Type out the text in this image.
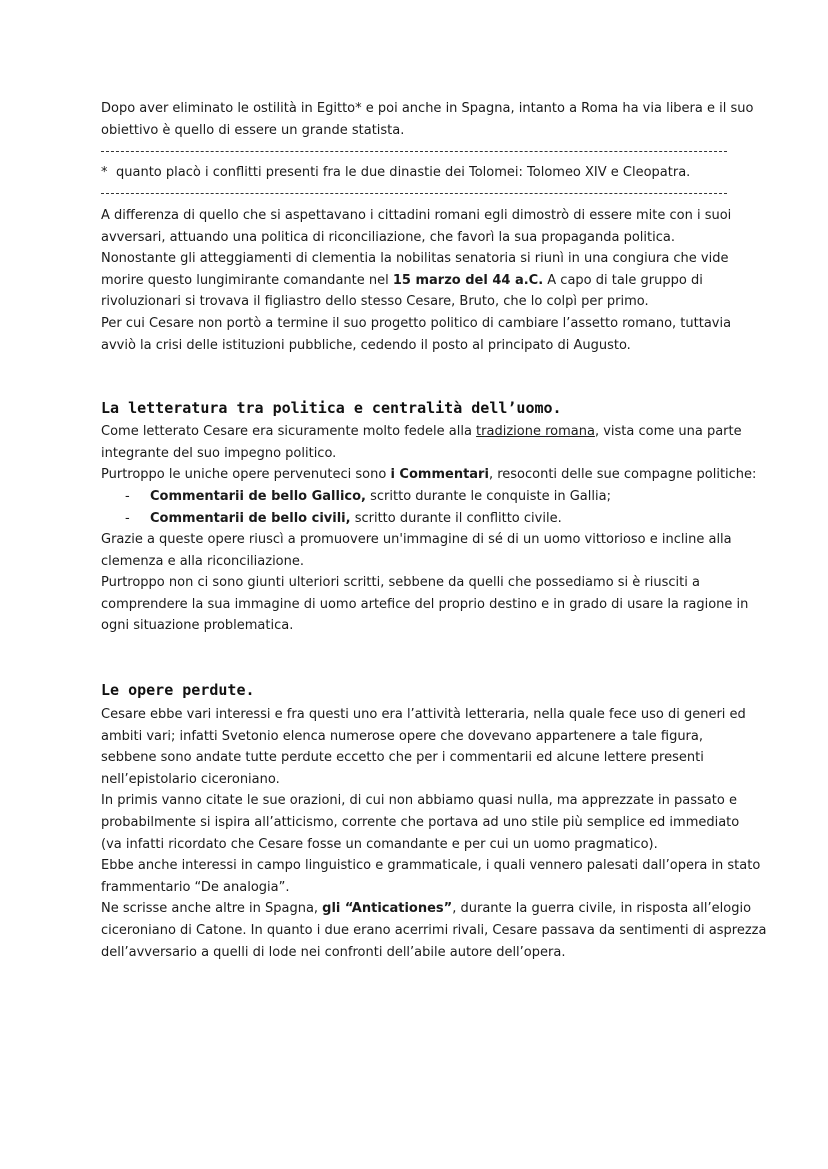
Dopo aver eliminato le ostilità in Egitto* e poi anche in Spagna, intanto a Roma ha via libera e il suo
obiettivo è quello di essere un grande statista.

* quanto placò i conflitti presenti fra le due dinastie dei Tolomei: Tolomeo XIV e Cleopatra.

A differenza di quello che si aspettavano i cittadini romani egli dimostrò di essere mite con i suoi
avversari, attuando una politica di riconciliazione, che favorì la sua propaganda politica.
Nonostante gli atteggiamenti di clementia la nobilitas senatoria si riunì in una congiura che vide
morire questo lungimirante comandante nel 15 marzo del 44 a.C. A capo di tale gruppo di
rivoluzionari si trovava il figliastro dello stesso Cesare, Bruto, che lo colpì per primo.
Per cui Cesare non portò a termine il suo progetto politico di cambiare l’assetto romano, tuttavia
avviò la crisi delle istituzioni pubbliche, cedendo il posto al principato di Augusto.

La letteratura tra politica e centralità dell’uomo.

Come letterato Cesare era sicuramente molto fedele alla tradizione romana, vista come una parte
integrante del suo impegno politico.
Purtroppo le uniche opere pervenuteci sono i Commentari, resoconti delle sue compagne politiche:

- Commentarii de bello Gallico, scritto durante le conquiste in Gallia;
- Commentarii de bello civili, scritto durante il conflitto civile.

Grazie a queste opere riuscì a promuovere un'immagine di sé di un uomo vittorioso e incline alla
clemenza e alla riconciliazione.
Purtroppo non ci sono giunti ulteriori scritti, sebbene da quelli che possediamo si è riusciti a
comprendere la sua immagine di uomo artefice del proprio destino e in grado di usare la ragione in
ogni situazione problematica.

Le opere perdute.

Cesare ebbe vari interessi e fra questi uno era l’attività letteraria, nella quale fece uso di generi ed
ambiti vari; infatti Svetonio elenca numerose opere che dovevano appartenere a tale figura,
sebbene sono andate tutte perdute eccetto che per i commentarii ed alcune lettere presenti
nell’epistolario ciceroniano.
In primis vanno citate le sue orazioni, di cui non abbiamo quasi nulla, ma apprezzate in passato e
probabilmente si ispira all’atticismo, corrente che portava ad uno stile più semplice ed immediato
(va infatti ricordato che Cesare fosse un comandante e per cui un uomo pragmatico).
Ebbe anche interessi in campo linguistico e grammaticale, i quali vennero palesati dall’opera in stato
frammentario “De analogia”.
Ne scrisse anche altre in Spagna, gli “Anticationes”, durante la guerra civile, in risposta all’elogio
ciceroniano di Catone. In quanto i due erano acerrimi rivali, Cesare passava da sentimenti di asprezza
dell’avversario a quelli di lode nei confronti dell’abile autore dell’opera.
